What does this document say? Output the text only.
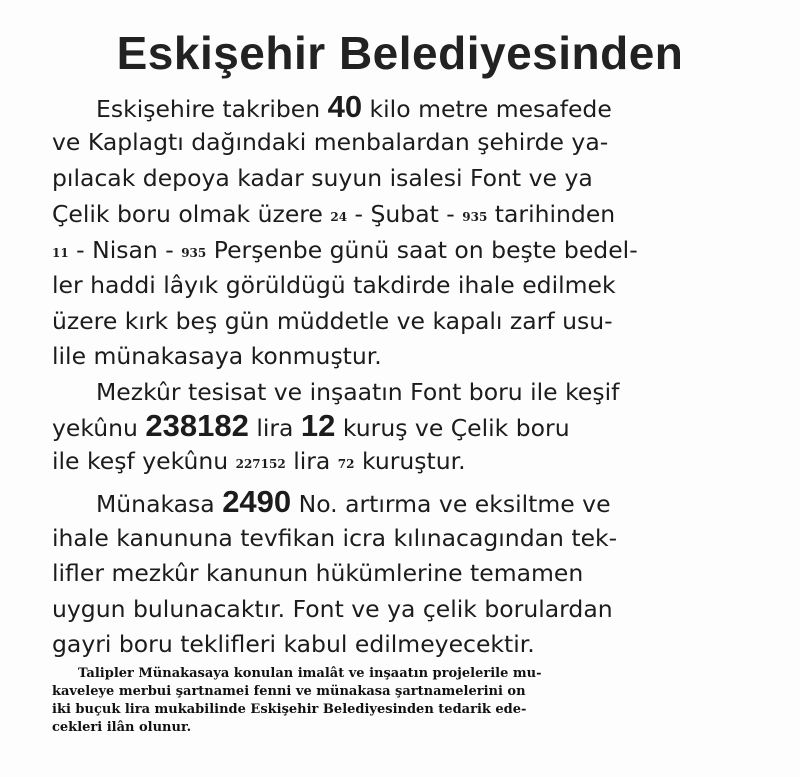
Eskişehir Belediyesinden
Eskişehire takriben 40 kilo metre mesafede
ve Kaplagtı dağındaki menbalardan şehirde ya-
pılacak depoya kadar suyun isalesi Font ve ya
Çelik boru olmak üzere 24 - Şubat - 935 tarihinden
11 - Nisan - 935 Perşenbe günü saat on beşte bedel-
ler haddi lâyık görüldügü takdirde ihale edilmek
üzere kırk beş gün müddetle ve kapalı zarf usu-
lile münakasaya konmuştur.
Mezkûr tesisat ve inşaatın Font boru ile keşif
yekûnu 238182 lira 12 kuruş ve Çelik boru
ile keşf yekûnu 227152 lira 72 kuruştur.
Münakasa 2490 No. artırma ve eksiltme ve
ihale kanununa tevfikan icra kılınacagından tek-
lifler mezkûr kanunun hükümlerine temamen
uygun bulunacaktır. Font ve ya çelik borulardan
gayri boru teklifleri kabul edilmeyecektir.
Talipler Münakasaya konulan imalât ve inşaatın projelerile mu-
kaveleye merbui şartnamei fenni ve münakasa şartnamelerini on
iki buçuk lira mukabilinde Eskişehir Belediyesinden tedarik ede-
cekleri ilân olunur.
